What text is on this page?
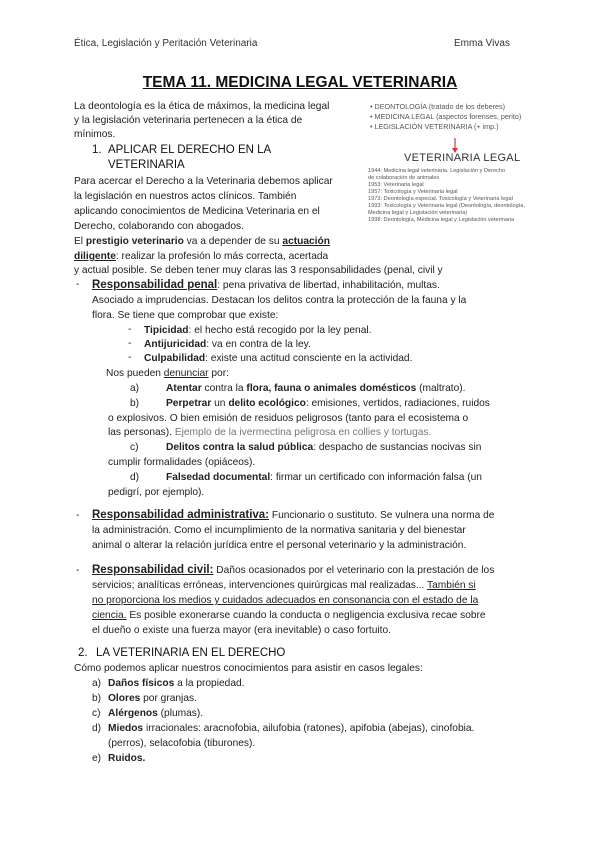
Ética, Legislación y Peritación Veterinaria	Emma Vivas
TEMA 11. MEDICINA LEGAL VETERINARIA
La deontología es la ética de máximos, la medicina legal
y la legislación veterinaria pertenecen a la ética de
mínimos.
• DEONTOLOGÍA (tratado de los deberes)
• MEDICINA LEGAL (aspectos forenses, perito)
• LEGISLACIÓN VETERINARIA (+ imp.)
VETERINARIA LEGAL
1944: Medicina legal veterinaria. Legislación y Derecho
de colaboración de animales
1953: Veterinaria legal
1957: Toxicología y Veterinaria legal
1973: Deontología especial. Toxicología y Veterinaria legal
1993: Toxicología y Veterinaria legal (Deontología, deontología,
Medicina legal y Legislación veterinaria)
1998: Deontología, Medicina legal y Legislación veterinaria
1. APLICAR EL DERECHO EN LA
VETERINARIA
Para acercar el Derecho a la Veterinaria debemos aplicar
la legislación en nuestros actos clínicos. También
aplicando conocimientos de Medicina Veterinaria en el
Derecho, colaborando con abogados.
El prestigio veterinario va a depender de su actuación
diligente: realizar la profesión lo más correcta, acertada
y actual posible. Se deben tener muy claras las 3 responsabilidades (penal, civil y
- Responsabilidad penal: pena privativa de libertad, inhabilitación, multas.
Asociado a imprudencias. Destacan los delitos contra la protección de la fauna y la
flora. Se tiene que comprobar que existe:
- Tipicidad: el hecho está recogido por la ley penal.
- Antijuricidad: va en contra de la ley.
- Culpabilidad: existe una actitud consciente en la actividad.
Nos pueden denunciar por:
a)	Atentar contra la flora, fauna o animales domésticos (maltrato).
b)	Perpetrar un delito ecológico: emisiones, vertidos, radiaciones, ruidos
o explosivos. O bien emisión de residuos peligrosos (tanto para el ecosistema o
las personas). Ejemplo de la ivermectina peligrosa en collies y tortugas.
c)	Delitos contra la salud pública: despacho de sustancias nocivas sin
cumplir formalidades (opiáceos).
d)	Falsedad documental: firmar un certificado con información falsa (un
pedigrí, por ejemplo).
- Responsabilidad administrativa: Funcionario o sustituto. Se vulnera una norma de
la administración. Como el incumplimiento de la normativa sanitaria y del bienestar
animal o alterar la relación jurídica entre el personal veterinario y la administración.
- Responsabilidad civil: Daños ocasionados por el veterinario con la prestación de los
servicios; analíticas erróneas, intervenciones quirúrgicas mal realizadas... También si
no proporciona los medios y cuidados adecuados en consonancia con el estado de la
ciencia. Es posible exonerarse cuando la conducta o negligencia exclusiva recae sobre
el dueño o existe una fuerza mayor (era inevitable) o caso fortuito.
2. LA VETERINARIA EN EL DERECHO
Cómo podemos aplicar nuestros conocimientos para asistir en casos legales:
a) Daños físicos a la propiedad.
b) Olores por granjas.
c) Alérgenos (plumas).
d) Miedos irracionales: aracnofobia, ailufobia (ratones), apifobia (abejas), cinofobia.
(perros), selacofobia (tiburones).
e) Ruidos.
